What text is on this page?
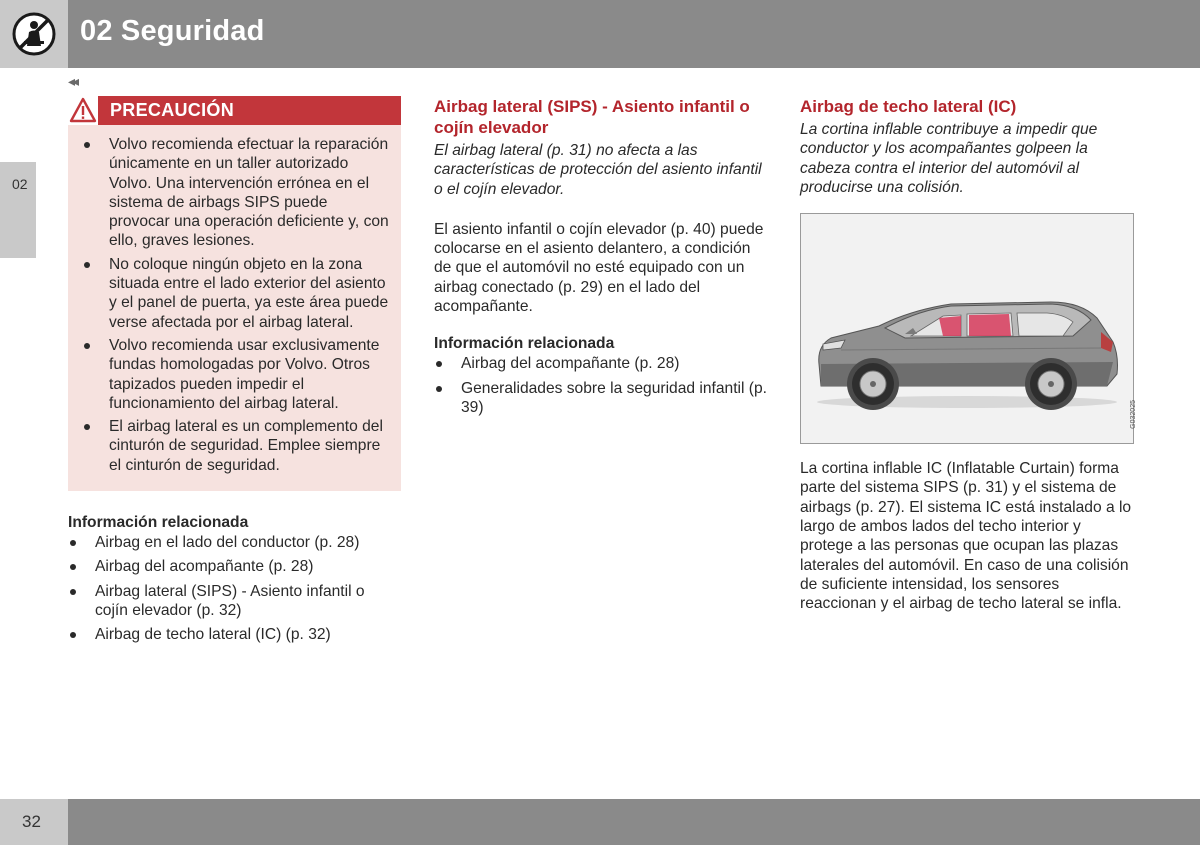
02 Seguridad
◂◂
02
PRECAUCIÓN
Volvo recomienda efectuar la reparación únicamente en un taller autorizado Volvo. Una intervención errónea en el sistema de airbags SIPS puede provocar una operación deficiente y, con ello, graves lesiones.
No coloque ningún objeto en la zona situada entre el lado exterior del asiento y el panel de puerta, ya este área puede verse afectada por el airbag lateral.
Volvo recomienda usar exclusivamente fundas homologadas por Volvo. Otros tapizados pueden impedir el funcionamiento del airbag lateral.
El airbag lateral es un complemento del cinturón de seguridad. Emplee siempre el cinturón de seguridad.
Información relacionada
Airbag en el lado del conductor (p. 28)
Airbag del acompañante (p. 28)
Airbag lateral (SIPS) - Asiento infantil o cojín elevador (p. 32)
Airbag de techo lateral (IC) (p. 32)
Airbag lateral (SIPS) - Asiento infantil o cojín elevador
El airbag lateral (p. 31) no afecta a las características de protección del asiento infantil o el cojín elevador.
El asiento infantil o cojín elevador (p. 40) puede colocarse en el asiento delantero, a condición de que el automóvil no esté equipado con un airbag conectado (p. 29) en el lado del acompañante.
Información relacionada
Airbag del acompañante (p. 28)
Generalidades sobre la seguridad infantil (p. 39)
Airbag de techo lateral (IC)
La cortina inflable contribuye a impedir que conductor y los acompañantes golpeen la cabeza contra el interior del automóvil al producirse una colisión.
G032025
La cortina inflable IC (Inflatable Curtain) forma parte del sistema SIPS (p. 31) y el sistema de airbags (p. 27). El sistema IC está instalado a lo largo de ambos lados del techo interior y protege a las personas que ocupan las plazas laterales del automóvil. En caso de una colisión de suficiente intensidad, los sensores reaccionan y el airbag de techo lateral se infla.
32
